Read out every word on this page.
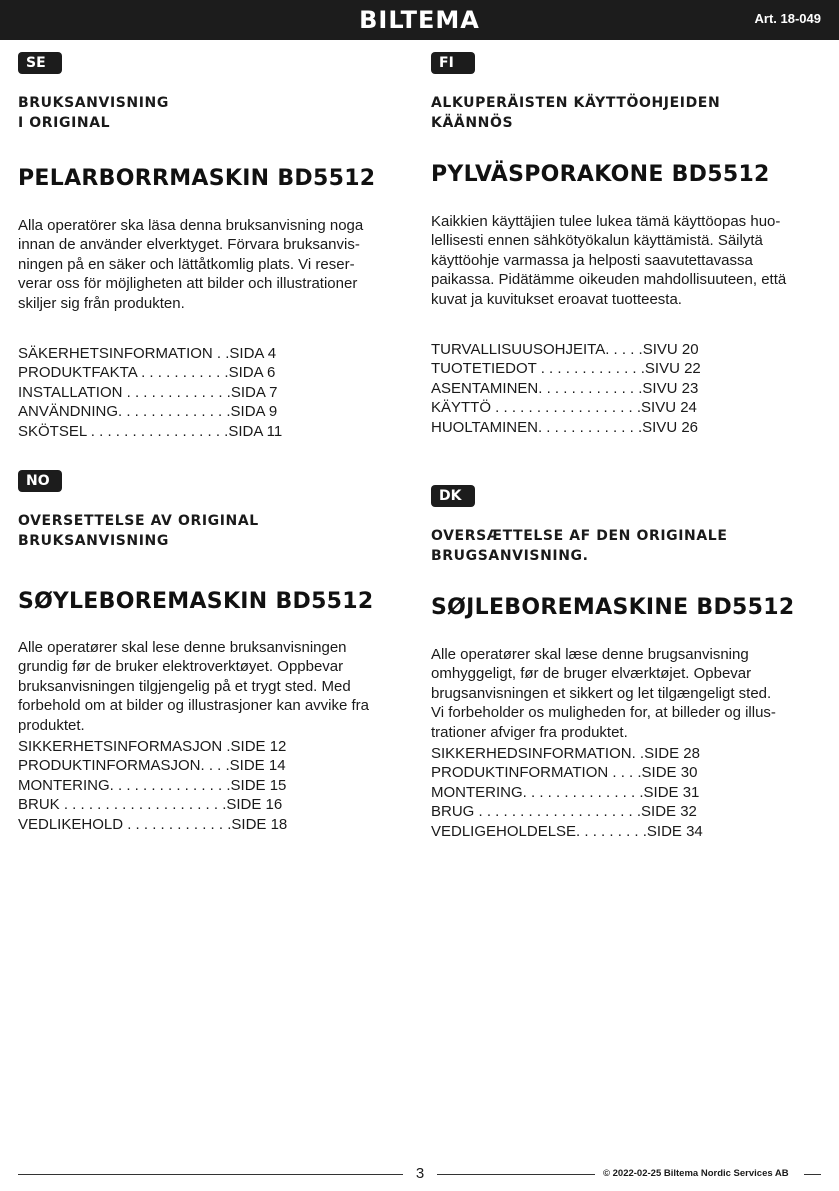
BILTEMA	Art. 18-049
SE
BRUKSANVISNING
I ORIGINAL
PELARBORRMASKIN BD5512
Alla operatörer ska läsa denna bruksanvisning noga
innan de använder elverktyget. Förvara bruksanvis-
ningen på en säker och lättåtkomlig plats. Vi reser-
verar oss för möjligheten att bilder och illustrationer
skiljer sig från produkten.
SÄKERHETSINFORMATION . .SIDA 4
PRODUKTFAKTA . . . . . . . . . . .SIDA 6
INSTALLATION . . . . . . . . . . . . .SIDA 7
ANVÄNDNING. . . . . . . . . . . . . .SIDA 9
SKÖTSEL . . . . . . . . . . . . . . . . .SIDA 11
FI
ALKUPERÄISTEN KÄYTTÖOHJEIDEN
KÄÄNNÖS
PYLVÄSPORAKONE BD5512
Kaikkien käyttäjien tulee lukea tämä käyttöopas huo-
lellisesti ennen sähkötyökalun käyttämistä. Säilytä
käyttöohje varmassa ja helposti saavutettavassa
paikassa. Pidätämme oikeuden mahdollisuuteen, että
kuvat ja kuvitukset eroavat tuotteesta.
TURVALLISUUSOHJEITA. . . . .SIVU 20
TUOTETIEDOT . . . . . . . . . . . . .SIVU 22
ASENTAMINEN. . . . . . . . . . . . .SIVU 23
KÄYTTÖ . . . . . . . . . . . . . . . . . .SIVU 24
HUOLTAMINEN. . . . . . . . . . . . .SIVU 26
NO
OVERSETTELSE AV ORIGINAL
BRUKSANVISNING
SØYLEBOREMASKIN BD5512
Alle operatører skal lese denne bruksanvisningen
grundig før de bruker elektroverktøyet. Oppbevar
bruksanvisningen tilgjengelig på et trygt sted. Med
forbehold om at bilder og illustrasjoner kan avvike fra
produktet.
SIKKERHETSINFORMASJON .SIDE 12
PRODUKTINFORMASJON. . . .SIDE 14
MONTERING. . . . . . . . . . . . . . .SIDE 15
BRUK . . . . . . . . . . . . . . . . . . . .SIDE 16
VEDLIKEHOLD . . . . . . . . . . . . .SIDE 18
DK
OVERSÆTTELSE AF DEN ORIGINALE
BRUGSANVISNING.
SØJLEBOREMASKINE BD5512
Alle operatører skal læse denne brugsanvisning
omhyggeligt, før de bruger elværktøjet. Opbevar
brugsanvisningen et sikkert og let tilgængeligt sted.
Vi forbeholder os muligheden for, at billeder og illus-
trationer afviger fra produktet.
SIKKERHEDSINFORMATION. .SIDE 28
PRODUKTINFORMATION . . . .SIDE 30
MONTERING. . . . . . . . . . . . . . .SIDE 31
BRUG . . . . . . . . . . . . . . . . . . . .SIDE 32
VEDLIGEHOLDELSE. . . . . . . . .SIDE 34
3	© 2022-02-25 Biltema Nordic Services AB
